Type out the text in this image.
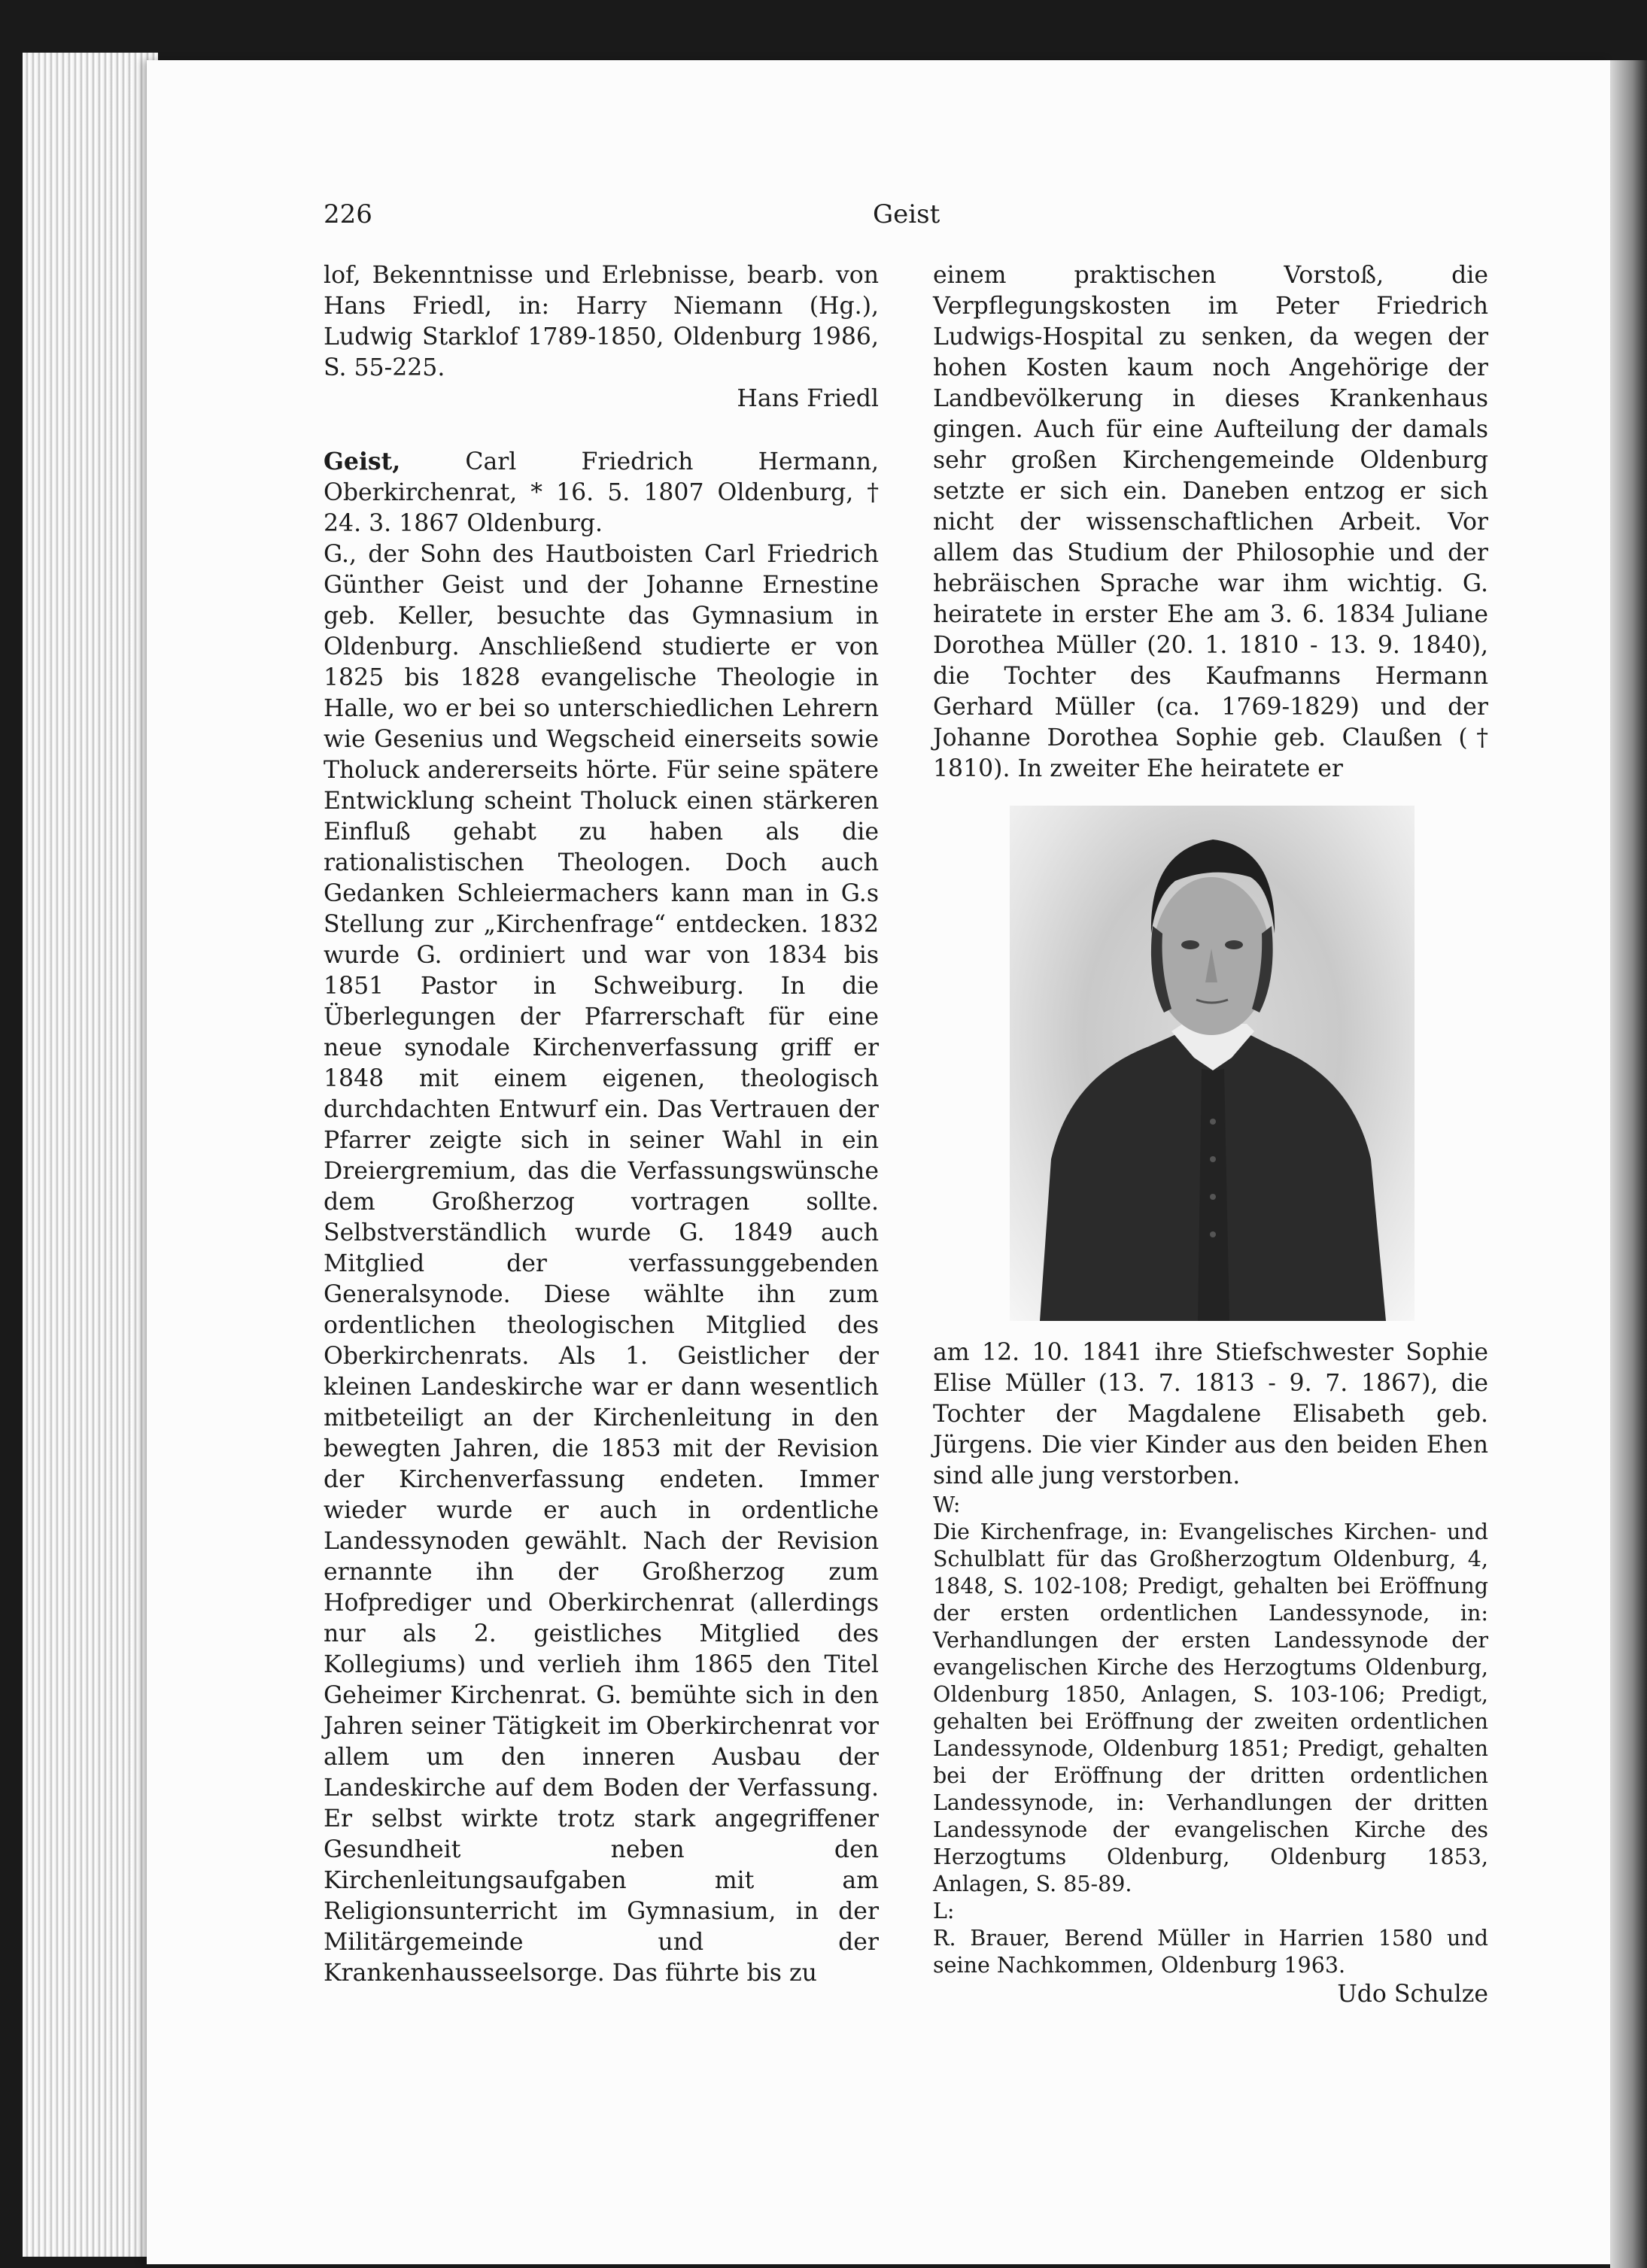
226	Geist

lof, Bekenntnisse und Erlebnisse, bearb. von Hans Friedl, in: Harry Niemann (Hg.), Ludwig Starklof 1789-1850, Oldenburg 1986, S. 55-225.

Hans Friedl

Geist,	Carl Friedrich Hermann, Oberkirchenrat, * 16. 5. 1807 Oldenburg, † 24. 3. 1867 Oldenburg.

G., der Sohn des Hautboisten Carl Friedrich Günther Geist und der Johanne Ernestine geb. Keller, besuchte das Gymnasium in Oldenburg. Anschließend studierte er von 1825 bis 1828 evangelische Theologie in Halle, wo er bei so unterschiedlichen Lehrern wie Gesenius und Wegscheid einerseits sowie Tholuck andererseits hörte. Für seine spätere Entwicklung scheint Tholuck einen stärkeren Einfluß gehabt zu haben als die rationalistischen Theologen. Doch auch Gedanken Schleiermachers kann man in G.s Stellung zur „Kirchenfrage“ entdecken. 1832 wurde G. ordiniert und war von 1834 bis 1851 Pastor in Schweiburg. In die Überlegungen der Pfarrerschaft für eine neue synodale Kirchenverfassung griff er 1848 mit einem eigenen, theologisch durchdachten Entwurf ein. Das Vertrauen der Pfarrer zeigte sich in seiner Wahl in ein Dreiergremium, das die Verfassungswünsche dem Großherzog vortragen sollte. Selbstverständlich wurde G. 1849 auch Mitglied der verfassunggebenden Generalsynode. Diese wählte ihn zum ordentlichen theologischen Mitglied des Oberkirchenrats. Als 1. Geistlicher der kleinen Landeskirche war er dann wesentlich mitbeteiligt an der Kirchenleitung in den bewegten Jahren, die 1853 mit der Revision der Kirchenverfassung endeten. Immer wieder wurde er auch in ordentliche Landessynoden gewählt. Nach der Revision ernannte ihn der Großherzog zum Hofprediger und Oberkirchenrat (allerdings nur als 2. geistliches Mitglied des Kollegiums) und verlieh ihm 1865 den Titel Geheimer Kirchenrat. G. bemühte sich in den Jahren seiner Tätigkeit im Oberkirchenrat vor allem um den inneren Ausbau der Landeskirche auf dem Boden der Verfassung. Er selbst wirkte trotz stark angegriffener Gesundheit neben den Kirchenleitungsaufgaben mit am Religionsunterricht im Gymnasium, in der Militärgemeinde und der Krankenhausseelsorge. Das führte bis zu

einem praktischen Vorstoß, die Verpflegungskosten im Peter Friedrich Ludwigs-Hospital zu senken, da wegen der hohen Kosten kaum noch Angehörige der Landbevölkerung in dieses Krankenhaus gingen. Auch für eine Aufteilung der damals sehr großen Kirchengemeinde Oldenburg setzte er sich ein. Daneben entzog er sich nicht der wissenschaftlichen Arbeit. Vor allem das Studium der Philosophie und der hebräischen Sprache war ihm wichtig. G. heiratete in erster Ehe am 3. 6. 1834 Juliane Dorothea Müller (20. 1. 1810 - 13. 9. 1840), die Tochter des Kaufmanns Hermann Gerhard Müller (ca. 1769-1829) und der Johanne Dorothea Sophie geb. Claußen († 1810). In zweiter Ehe heiratete er

am 12. 10. 1841 ihre Stiefschwester Sophie Elise Müller (13. 7. 1813 - 9. 7. 1867), die Tochter der Magdalene Elisabeth geb. Jürgens. Die vier Kinder aus den beiden Ehen sind alle jung verstorben.

W:

Die Kirchenfrage, in: Evangelisches Kirchen- und Schulblatt für das Großherzogtum Oldenburg, 4, 1848, S. 102-108; Predigt, gehalten bei Eröffnung der ersten ordentlichen Landessynode, in: Verhandlungen der ersten Landessynode der evangelischen Kirche des Herzogtums Oldenburg, Oldenburg 1850, Anlagen, S. 103-106; Predigt, gehalten bei Eröffnung der zweiten ordentlichen Landessynode, Oldenburg 1851; Predigt, gehalten bei der Eröffnung der dritten ordentlichen Landessynode, in: Verhandlungen der dritten Landessynode der evangelischen Kirche des Herzogtums Oldenburg, Oldenburg 1853, Anlagen, S. 85-89.

L:

R. Brauer, Berend Müller in Harrien 1580 und seine Nachkommen, Oldenburg 1963.

Udo Schulze
